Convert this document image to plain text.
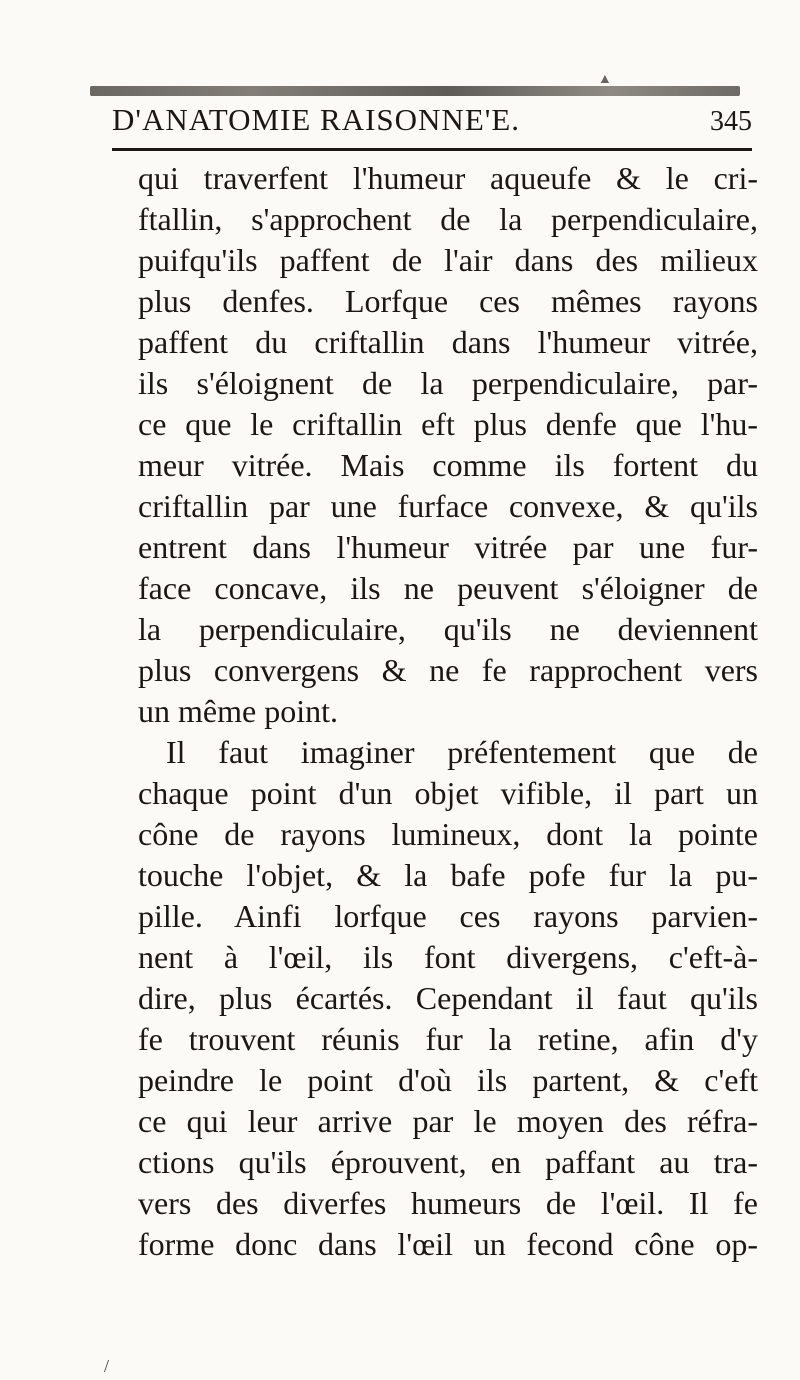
▲
D'ANATOMIE RAISONNE'E.	345
qui traverfent l'humeur aqueufe & le cri-
ftallin, s'approchent de la perpendiculaire,
puifqu'ils paffent de l'air dans des milieux
plus denfes. Lorfque ces mêmes rayons
paffent du criftallin dans l'humeur vitrée,
ils s'éloignent de la perpendiculaire, par-
ce que le criftallin eft plus denfe que l'hu-
meur vitrée. Mais comme ils fortent du
criftallin par une furface convexe, & qu'ils
entrent dans l'humeur vitrée par une fur-
face concave, ils ne peuvent s'éloigner de
la perpendiculaire, qu'ils ne deviennent
plus convergens & ne fe rapprochent vers
un même point.
Il faut imaginer préfentement que de
chaque point d'un objet vifible, il part un
cône de rayons lumineux, dont la pointe
touche l'objet, & la bafe pofe fur la pu-
pille. Ainfi lorfque ces rayons parvien-
nent à l'œil, ils font divergens, c'eft-à-
dire, plus écartés. Cependant il faut qu'ils
fe trouvent réunis fur la retine, afin d'y
peindre le point d'où ils partent, & c'eft
ce qui leur arrive par le moyen des réfra-
ctions qu'ils éprouvent, en paffant au tra-
vers des diverfes humeurs de l'œil. Il fe
forme donc dans l'œil un fecond cône op-
/
